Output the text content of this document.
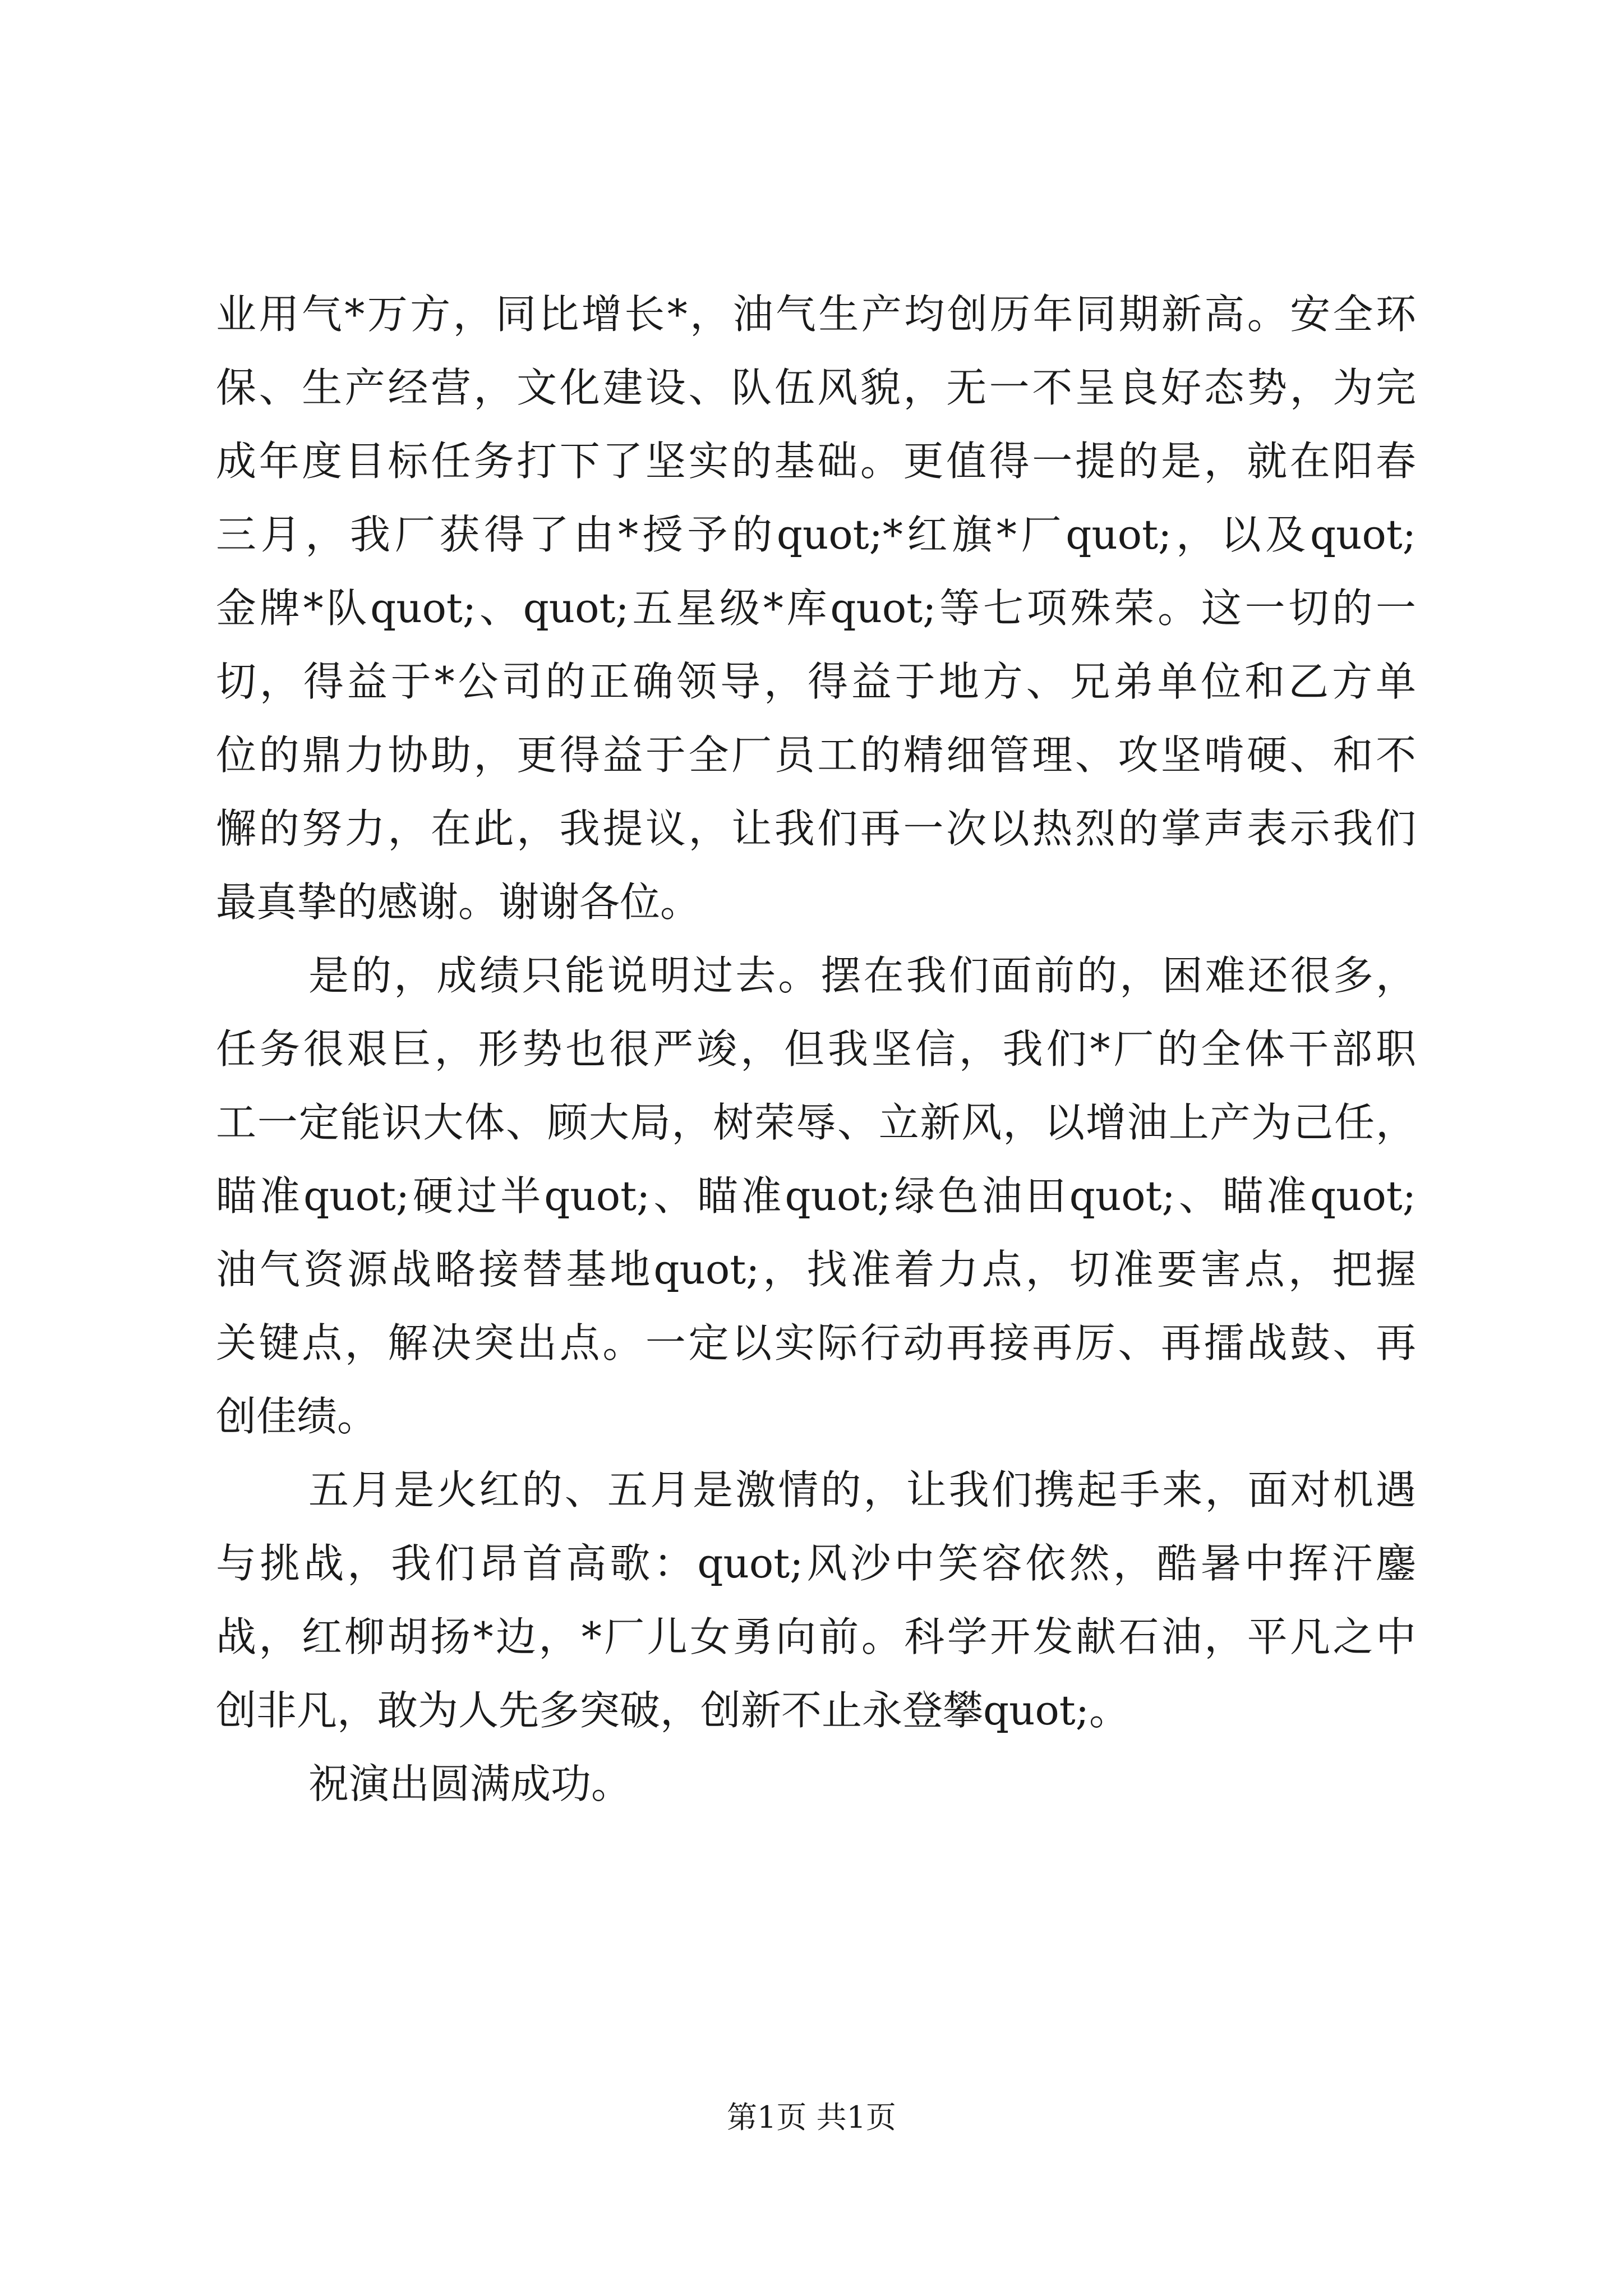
业用气*万方，同比增长*，油气生产均创历年同期新高。安全环
保、生产经营，文化建设、队伍风貌，无一不呈良好态势，为完
成年度目标任务打下了坚实的基础。更值得一提的是，就在阳春
三月，我厂获得了由*授予的quot;*红旗*厂quot;，以及quot;
金牌*队quot;、quot;五星级*库quot;等七项殊荣。这一切的一
切，得益于*公司的正确领导，得益于地方、兄弟单位和乙方单
位的鼎力协助，更得益于全厂员工的精细管理、攻坚啃硬、和不
懈的努力，在此，我提议，让我们再一次以热烈的掌声表示我们
最真挚的感谢。谢谢各位。
是的，成绩只能说明过去。摆在我们面前的，困难还很多，
任务很艰巨，形势也很严竣，但我坚信，我们*厂的全体干部职
工一定能识大体、顾大局，树荣辱、立新风，以增油上产为己任，
瞄准quot;硬过半quot;、瞄准quot;绿色油田quot;、瞄准quot;
油气资源战略接替基地quot;，找准着力点，切准要害点，把握
关键点，解决突出点。一定以实际行动再接再厉、再擂战鼓、再
创佳绩。
五月是火红的、五月是激情的，让我们携起手来，面对机遇
与挑战，我们昂首高歌：quot;风沙中笑容依然，酷暑中挥汗鏖
战，红柳胡扬*边，*厂儿女勇向前。科学开发献石油，平凡之中
创非凡，敢为人先多突破，创新不止永登攀quot;。
祝演出圆满成功。
第1页 共1页
